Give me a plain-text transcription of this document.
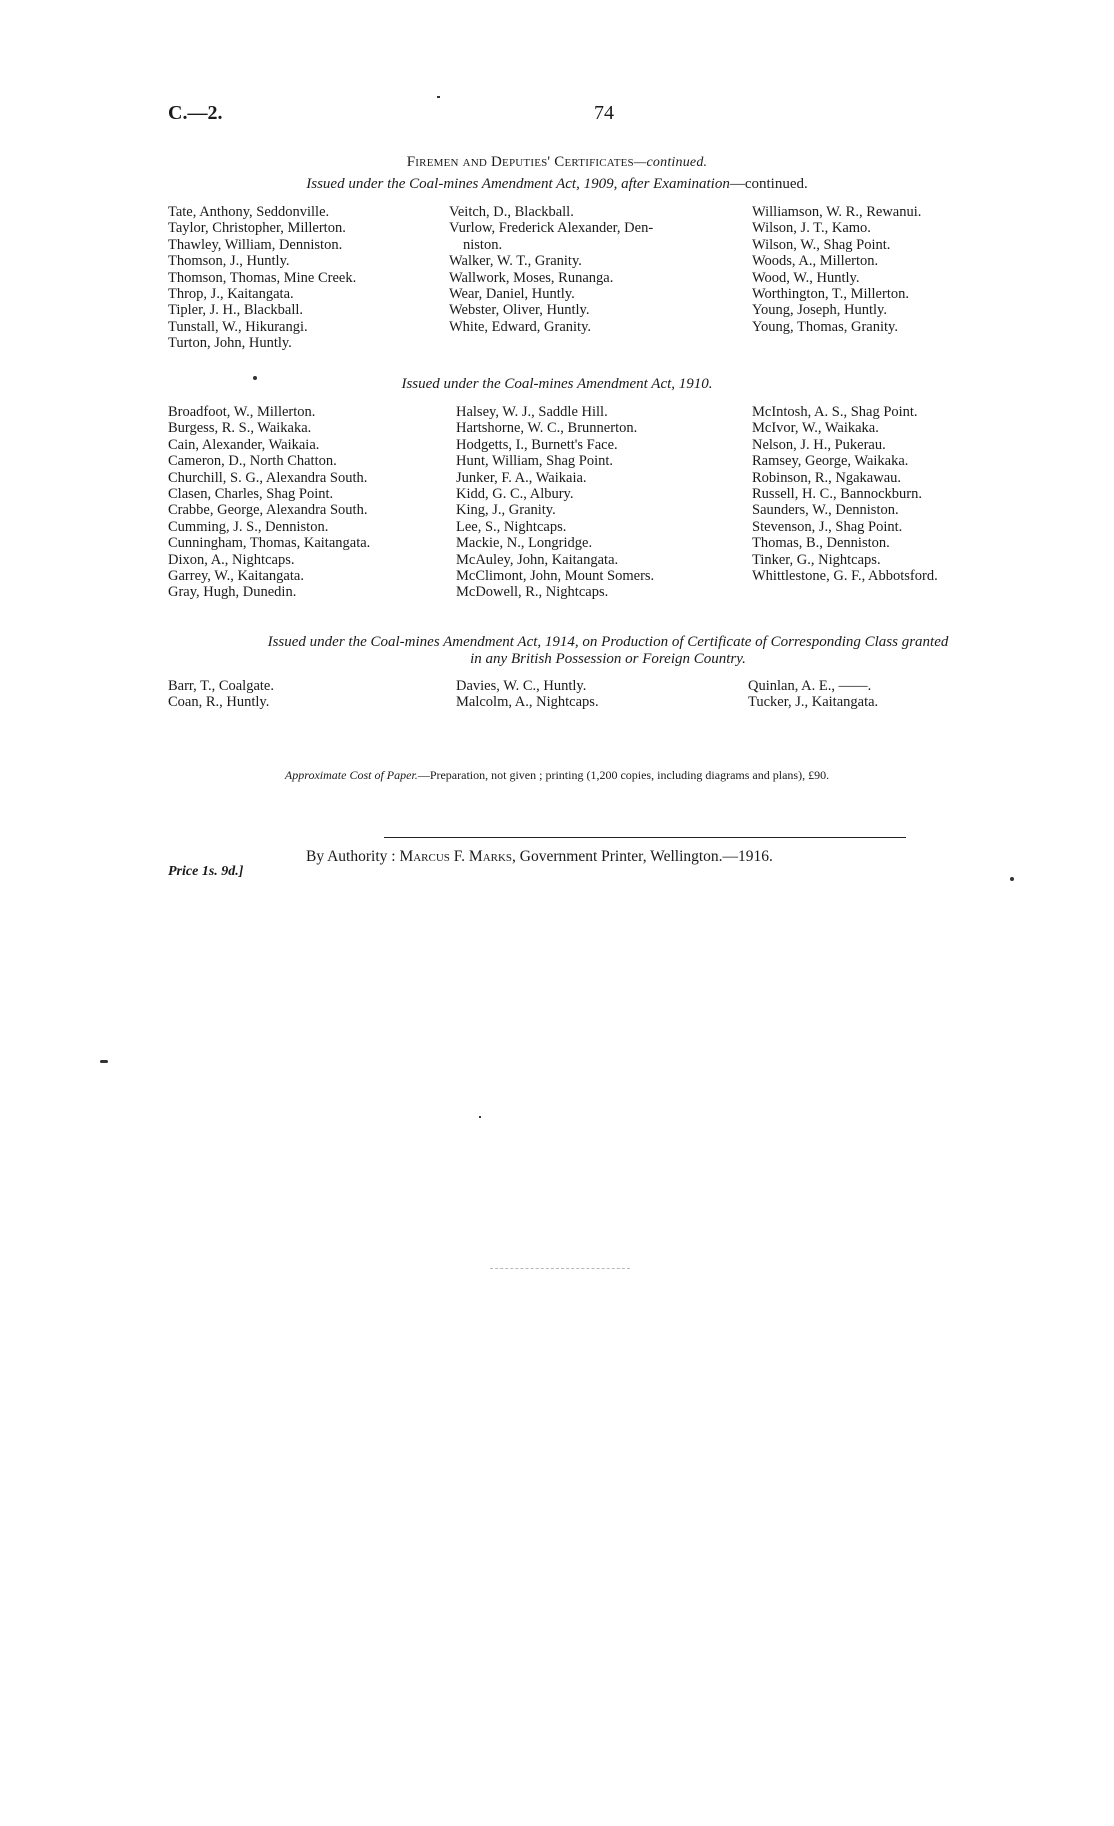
C.—2.	74
Firemen and Deputies' Certificates—continued.
Issued under the Coal-mines Amendment Act, 1909, after Examination—continued.
Tate, Anthony, Seddonville.
Taylor, Christopher, Millerton.
Thawley, William, Denniston.
Thomson, J., Huntly.
Thomson, Thomas, Mine Creek.
Throp, J., Kaitangata.
Tipler, J. H., Blackball.
Tunstall, W., Hikurangi.
Turton, John, Huntly.
Veitch, D., Blackball.
Vurlow, Frederick Alexander, Den-
niston.
Walker, W. T., Granity.
Wallwork, Moses, Runanga.
Wear, Daniel, Huntly.
Webster, Oliver, Huntly.
White, Edward, Granity.
Williamson, W. R., Rewanui.
Wilson, J. T., Kamo.
Wilson, W., Shag Point.
Woods, A., Millerton.
Wood, W., Huntly.
Worthington, T., Millerton.
Young, Joseph, Huntly.
Young, Thomas, Granity.
Issued under the Coal-mines Amendment Act, 1910.
Broadfoot, W., Millerton.
Burgess, R. S., Waikaka.
Cain, Alexander, Waikaia.
Cameron, D., North Chatton.
Churchill, S. G., Alexandra South.
Clasen, Charles, Shag Point.
Crabbe, George, Alexandra South.
Cumming, J. S., Denniston.
Cunningham, Thomas, Kaitangata.
Dixon, A., Nightcaps.
Garrey, W., Kaitangata.
Gray, Hugh, Dunedin.
Halsey, W. J., Saddle Hill.
Hartshorne, W. C., Brunnerton.
Hodgetts, I., Burnett's Face.
Hunt, William, Shag Point.
Junker, F. A., Waikaia.
Kidd, G. C., Albury.
King, J., Granity.
Lee, S., Nightcaps.
Mackie, N., Longridge.
McAuley, John, Kaitangata.
McClimont, John, Mount Somers.
McDowell, R., Nightcaps.
McIntosh, A. S., Shag Point.
McIvor, W., Waikaka.
Nelson, J. H., Pukerau.
Ramsey, George, Waikaka.
Robinson, R., Ngakawau.
Russell, H. C., Bannockburn.
Saunders, W., Denniston.
Stevenson, J., Shag Point.
Thomas, B., Denniston.
Tinker, G., Nightcaps.
Whittlestone, G. F., Abbotsford.
Issued under the Coal-mines Amendment Act, 1914, on Production of Certificate of Corresponding Class granted
in any British Possession or Foreign Country.
Barr, T., Coalgate.
Coan, R., Huntly.
Davies, W. C., Huntly.
Malcolm, A., Nightcaps.
Quinlan, A. E., ——.
Tucker, J., Kaitangata.
Approximate Cost of Paper.—Preparation, not given ; printing (1,200 copies, including diagrams and plans), £90.
By Authority : Marcus F. Marks, Government Printer, Wellington.—1916.
Price 1s. 9d.]
